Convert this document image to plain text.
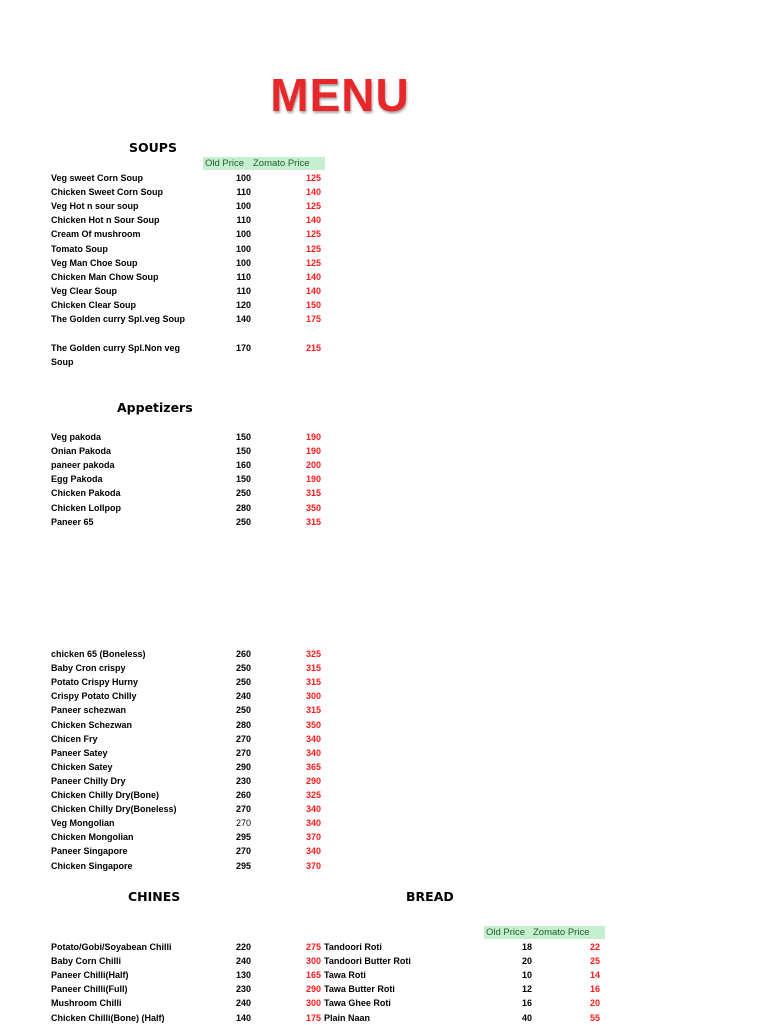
MENU
SOUPS
Old Price Zomato Price
Veg sweet Corn Soup	100	125
Chicken Sweet Corn Soup	110	140
Veg Hot n sour soup	100	125
Chicken Hot n Sour Soup	110	140
Cream Of mushroom	100	125
Tomato Soup	100	125
Veg Man Choe Soup	100	125
Chicken Man Chow Soup	110	140
Veg Clear Soup	110	140
Chicken Clear Soup	120	150
The Golden curry Spl.veg Soup	140	175
The Golden curry Spl.Non veg Soup
170	215
Appetizers
Veg pakoda	150	190
Onian Pakoda	150	190
paneer pakoda	160	200
Egg Pakoda	150	190
Chicken Pakoda	250	315
Chicken Lollpop	280	350
Paneer 65	250	315
chicken 65 (Boneless)	260	325
Baby Cron crispy	250	315
Potato Crispy Hurny	250	315
Crispy Potato Chilly	240	300
Paneer schezwan	250	315
Chicken Schezwan	280	350
Chicen Fry	270	340
Paneer Satey	270	340
Chicken Satey	290	365
Paneer Chilly Dry	230	290
Chicken Chilly Dry(Bone)	260	325
Chicken Chilly Dry(Boneless)	270	340
Veg Mongolian	270	340
Chicken Mongolian	295	370
Paneer Singapore	270	340
Chicken Singapore	295	370
CHINES
Potato/Gobi/Soyabean Chilli	220	275
Baby Corn Chilli	240	300
Paneer Chilli(Half)	130	165
Paneer Chilli(Full)	230	290
Mushroom Chilli	240	300
Chicken Chilli(Bone) (Half)	140	175
BREAD
Old Price Zomato Price
Tandoori Roti	18	22
Tandoori Butter Roti	20	25
Tawa Roti	10	14
Tawa Butter Roti	12	16
Tawa Ghee Roti	16	20
Plain Naan	40	55
